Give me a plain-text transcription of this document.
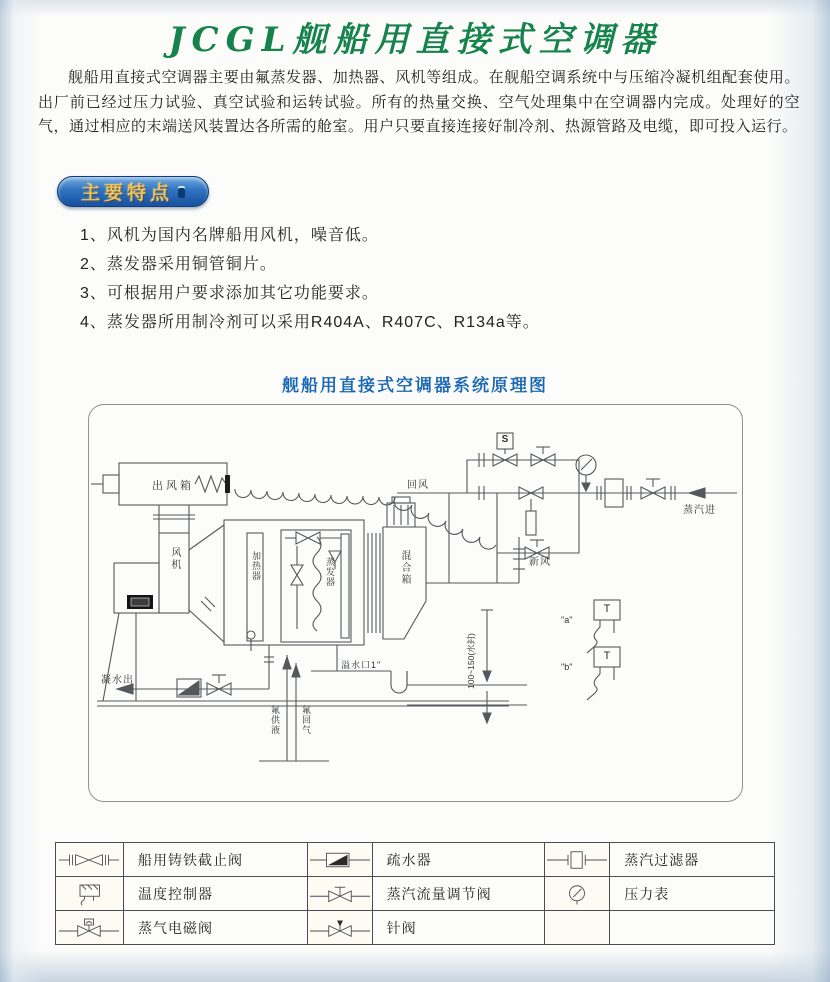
JCGL舰船用直接式空调器
舰船用直接式空调器主要由氟蒸发器、加热器、风机等组成。在舰船空调系统中与压缩冷凝机组配套使用。出厂前已经过压力试验、真空试验和运转试验。所有的热量交换、空气处理集中在空调器内完成。处理好的空气，通过相应的末端送风装置达各所需的舱室。用户只要直接连接好制冷剂、热源管路及电缆，即可投入运行。
主要特点
1、风机为国内名牌船用风机，噪音低。
2、蒸发器采用铜管铜片。
3、可根据用户要求添加其它功能要求。
4、蒸发器所用制冷剂可以采用R404A、R407C、R134a等。
舰船用直接式空调器系统原理图
出风箱
风机	加热器	蒸发器	混合箱
回风
新风
蒸汽进
S
T
T
"a"
"b"
凝水出
溢水口1"	100~150(水封)
氟供液 氟回气
	船用铸铁截止阀		疏水器		蒸汽过滤器
	温度控制器		蒸汽流量调节阀		压力表
	蒸气电磁阀		针阀		
